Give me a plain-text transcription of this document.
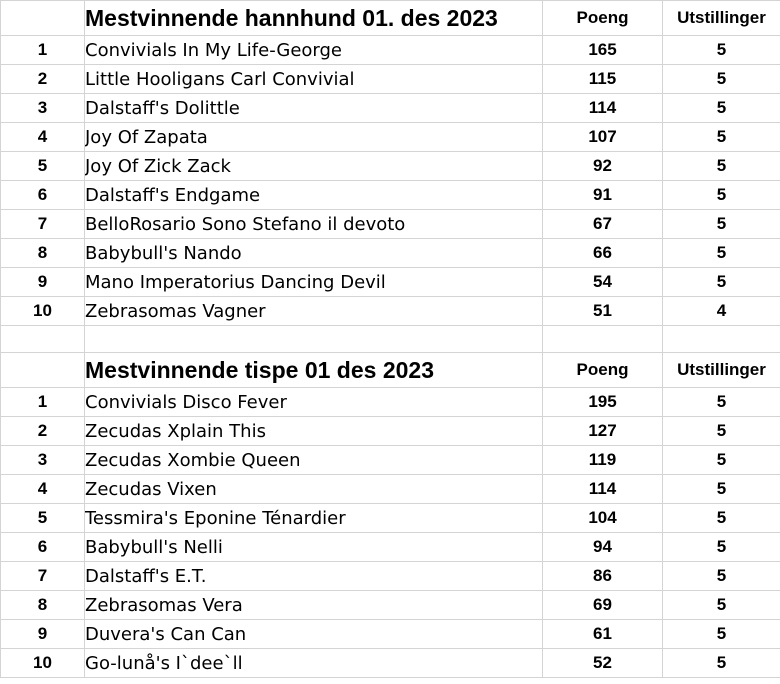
	Mestvinnende hannhund 01. des 2023	Poeng	Utstillinger
1	Convivials In My Life-George	165	5
2	Little Hooligans Carl Convivial	115	5
3	Dalstaff's Dolittle	114	5
4	Joy Of Zapata	107	5
5	Joy Of Zick Zack	92	5
6	Dalstaff's Endgame	91	5
7	BelloRosario Sono Stefano il devoto	67	5
8	Babybull's Nando	66	5
9	Mano Imperatorius Dancing Devil	54	5
10	Zebrasomas Vagner	51	4

	Mestvinnende tispe 01 des 2023	Poeng	Utstillinger
1	Convivials Disco Fever	195	5
2	Zecudas Xplain This	127	5
3	Zecudas Xombie Queen	119	5
4	Zecudas Vixen	114	5
5	Tessmira's Eponine Ténardier	104	5
6	Babybull's Nelli	94	5
7	Dalstaff's E.T.	86	5
8	Zebrasomas Vera	69	5
9	Duvera's Can Can	61	5
10	Go-lunå's I`dee`ll	52	5
